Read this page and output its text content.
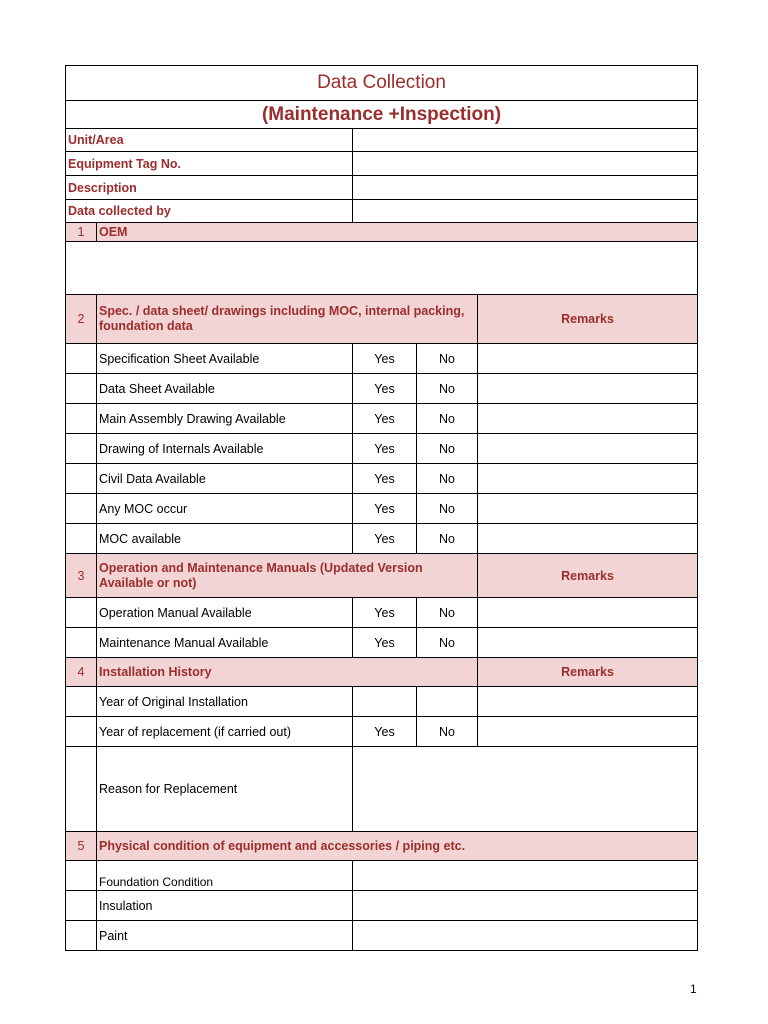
Data Collection				
(Maintenance +Inspection)				
Unit/Area				
Equipment Tag No.				
Description				
Data collected by				
1	OEM			

2	Spec. / data sheet/ drawings including MOC, internal packing, foundation data			Remarks
	Specification Sheet Available	Yes	No	
	Data Sheet Available	Yes	No	
	Main Assembly Drawing Available	Yes	No	
	Drawing of Internals Available	Yes	No	
	Civil Data Available	Yes	No	
	Any MOC occur	Yes	No	
	MOC available	Yes	No	
3	Operation and Maintenance Manuals (Updated Version Available or not)			Remarks
	Operation Manual Available	Yes	No	
	Maintenance Manual Available	Yes	No	
4	Installation History			Remarks
	Year of Original Installation			
	Year of replacement (if carried out)	Yes	No	
	Reason for Replacement			
5	Physical condition of equipment and accessories / piping etc.			
	Foundation Condition			
	Insulation			
	Paint			
1
